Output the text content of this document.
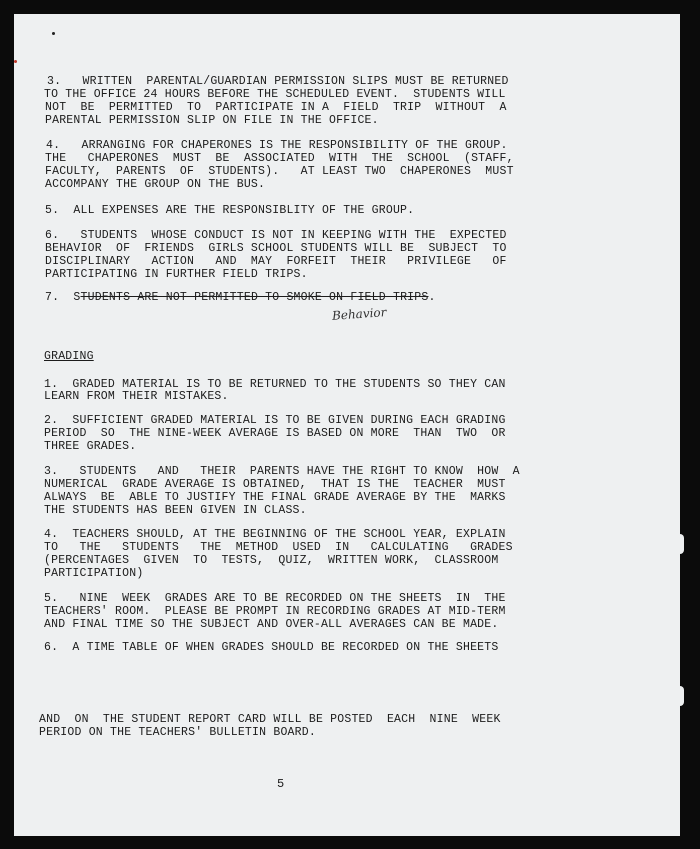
3.   WRITTEN  PARENTAL/GUARDIAN PERMISSION SLIPS MUST BE RETURNED
TO THE OFFICE 24 HOURS BEFORE THE SCHEDULED EVENT.  STUDENTS WILL
NOT  BE  PERMITTED  TO  PARTICIPATE IN A  FIELD  TRIP  WITHOUT  A
PARENTAL PERMISSION SLIP ON FILE IN THE OFFICE.
4.   ARRANGING FOR CHAPERONES IS THE RESPONSIBILITY OF THE GROUP.
THE   CHAPERONES  MUST  BE  ASSOCIATED  WITH  THE  SCHOOL  (STAFF,
FACULTY,  PARENTS  OF  STUDENTS).   AT LEAST TWO  CHAPERONES  MUST
ACCOMPANY THE GROUP ON THE BUS.
5.  ALL EXPENSES ARE THE RESPONSIBLITY OF THE GROUP.
6.   STUDENTS  WHOSE CONDUCT IS NOT IN KEEPING WITH THE  EXPECTED
BEHAVIOR  OF  FRIENDS  GIRLS SCHOOL STUDENTS WILL BE  SUBJECT  TO
DISCIPLINARY   ACTION   AND  MAY  FORFEIT  THEIR   PRIVILEGE   OF
PARTICIPATING IN FURTHER FIELD TRIPS.
7.  STUDENTS ARE NOT PERMITTED TO SMOKE ON FIELD TRIPS.
Behavior
GRADING
1.  GRADED MATERIAL IS TO BE RETURNED TO THE STUDENTS SO THEY CAN
LEARN FROM THEIR MISTAKES.
2.  SUFFICIENT GRADED MATERIAL IS TO BE GIVEN DURING EACH GRADING
PERIOD  SO  THE NINE-WEEK AVERAGE IS BASED ON MORE  THAN  TWO  OR
THREE GRADES.
3.   STUDENTS   AND   THEIR  PARENTS HAVE THE RIGHT TO KNOW  HOW  A
NUMERICAL  GRADE AVERAGE IS OBTAINED,  THAT IS THE  TEACHER  MUST
ALWAYS  BE  ABLE TO JUSTIFY THE FINAL GRADE AVERAGE BY THE  MARKS
THE STUDENTS HAS BEEN GIVEN IN CLASS.
4.  TEACHERS SHOULD, AT THE BEGINNING OF THE SCHOOL YEAR, EXPLAIN
TO   THE   STUDENTS   THE  METHOD  USED  IN   CALCULATING   GRADES
(PERCENTAGES  GIVEN  TO  TESTS,  QUIZ,  WRITTEN WORK,  CLASSROOM
PARTICIPATION)
5.   NINE  WEEK  GRADES ARE TO BE RECORDED ON THE SHEETS  IN  THE
TEACHERS' ROOM.  PLEASE BE PROMPT IN RECORDING GRADES AT MID-TERM
AND FINAL TIME SO THE SUBJECT AND OVER-ALL AVERAGES CAN BE MADE.
6.  A TIME TABLE OF WHEN GRADES SHOULD BE RECORDED ON THE SHEETS
AND  ON  THE STUDENT REPORT CARD WILL BE POSTED  EACH  NINE  WEEK
PERIOD ON THE TEACHERS' BULLETIN BOARD.
5
